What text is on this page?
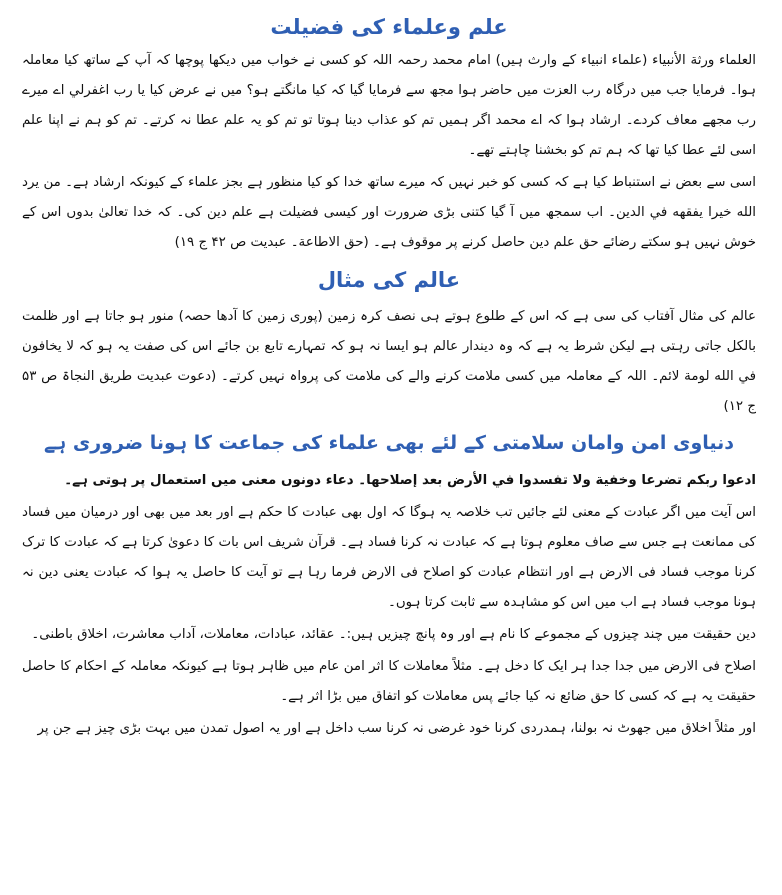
علم وعلماء کی فضیلت

العلماء ورثة الأنبياء (علماء انبیاء کے وارث ہیں) امام محمد رحمہ اللہ کو کسی نے خواب میں دیکھا پوچھا کہ آپ کے ساتھ کیا معاملہ ہوا۔ فرمایا جب میں درگاہ رب العزت میں حاضر ہوا مجھ سے فرمایا گیا کہ کیا مانگتے ہو؟ میں نے عرض کیا یا رب اغفرلي اے میرے رب مجھے معاف کردے۔ ارشاد ہوا کہ اے محمد اگر ہمیں تم کو عذاب دینا ہوتا تو تم کو یہ علم عطا نہ کرتے۔ تم کو ہم نے اپنا علم اسی لئے عطا کیا تھا کہ ہم تم کو بخشنا چاہتے تھے۔

اسی سے بعض نے استنباط کیا ہے کہ کسی کو خبر نہیں کہ میرے ساتھ خدا کو کیا منظور ہے بجز علماء کے کیونکہ ارشاد ہے۔ من يرد الله خيرا يفقهه في الدين۔ اب سمجھ میں آ گیا کتنی بڑی ضرورت اور کیسی فضیلت ہے علم دین کی۔ کہ خدا تعالیٰ بدوں اس کے خوش نہیں ہو سکتے رضائے حق علم دین حاصل کرنے پر موقوف ہے۔ (حق الاطاعة۔ عبدیت ص ۴۲ ج ۱۹)

عالم کی مثال

عالم کی مثال آفتاب کی سی ہے کہ اس کے طلوع ہوتے ہی نصف کرہ زمین (پوری زمین کا آدھا حصہ) منور ہو جاتا ہے اور ظلمت بالکل جاتی رہتی ہے لیکن شرط یہ ہے کہ وہ دیندار عالم ہو ایسا نہ ہو کہ تمہارے تابع بن جائے اس کی صفت یہ ہو کہ لا يخافون في الله لومة لائم۔ اللہ کے معاملہ میں کسی ملامت کرنے والے کی ملامت کی پرواہ نہیں کرتے۔ (دعوت عبدیت طریق النجاۃ ص ۵۳ ج ۱۲)

دنیاوی امن وامان سلامتی کے لئے بھی علماء کی جماعت کا ہونا ضروری ہے

ادعوا ربكم تضرعا وخفية ولا تفسدوا في الأرض بعد إصلاحها۔ دعاء دونوں معنی میں استعمال پر ہوتی ہے۔

اس آیت میں اگر عبادت کے معنی لئے جائیں تب خلاصہ یہ ہوگا کہ اول بھی عبادت کا حکم ہے اور بعد میں بھی اور درمیان میں فساد کی ممانعت ہے جس سے صاف معلوم ہوتا ہے کہ عبادت نہ کرنا فساد ہے۔ قرآن شریف اس بات کا دعویٰ کرتا ہے کہ عبادت کا ترک کرنا موجب فساد فی الارض ہے اور انتظام عبادت کو اصلاح فی الارض فرما رہا ہے تو آیت کا حاصل یہ ہوا کہ عبادت یعنی دین نہ ہونا موجب فساد ہے اب میں اس کو مشاہدہ سے ثابت کرتا ہوں۔

دین حقیقت میں چند چیزوں کے مجموعے کا نام ہے اور وہ پانچ چیزیں ہیں:۔ عقائد، عبادات، معاملات، آداب معاشرت، اخلاق باطنی۔

اصلاح فی الارض میں جدا جدا ہر ایک کا دخل ہے۔ مثلاً معاملات کا اثر امن عام میں ظاہر ہوتا ہے کیونکہ معاملہ کے احکام کا حاصل حقیقت یہ ہے کہ کسی کا حق ضائع نہ کیا جائے پس معاملات کو اتفاق میں بڑا اثر ہے۔

اور مثلاً اخلاق میں جھوٹ نہ بولنا، ہمدردی کرنا خود غرضی نہ کرنا سب داخل ہے اور یہ اصول تمدن میں بہت بڑی چیز ہے جن پر
